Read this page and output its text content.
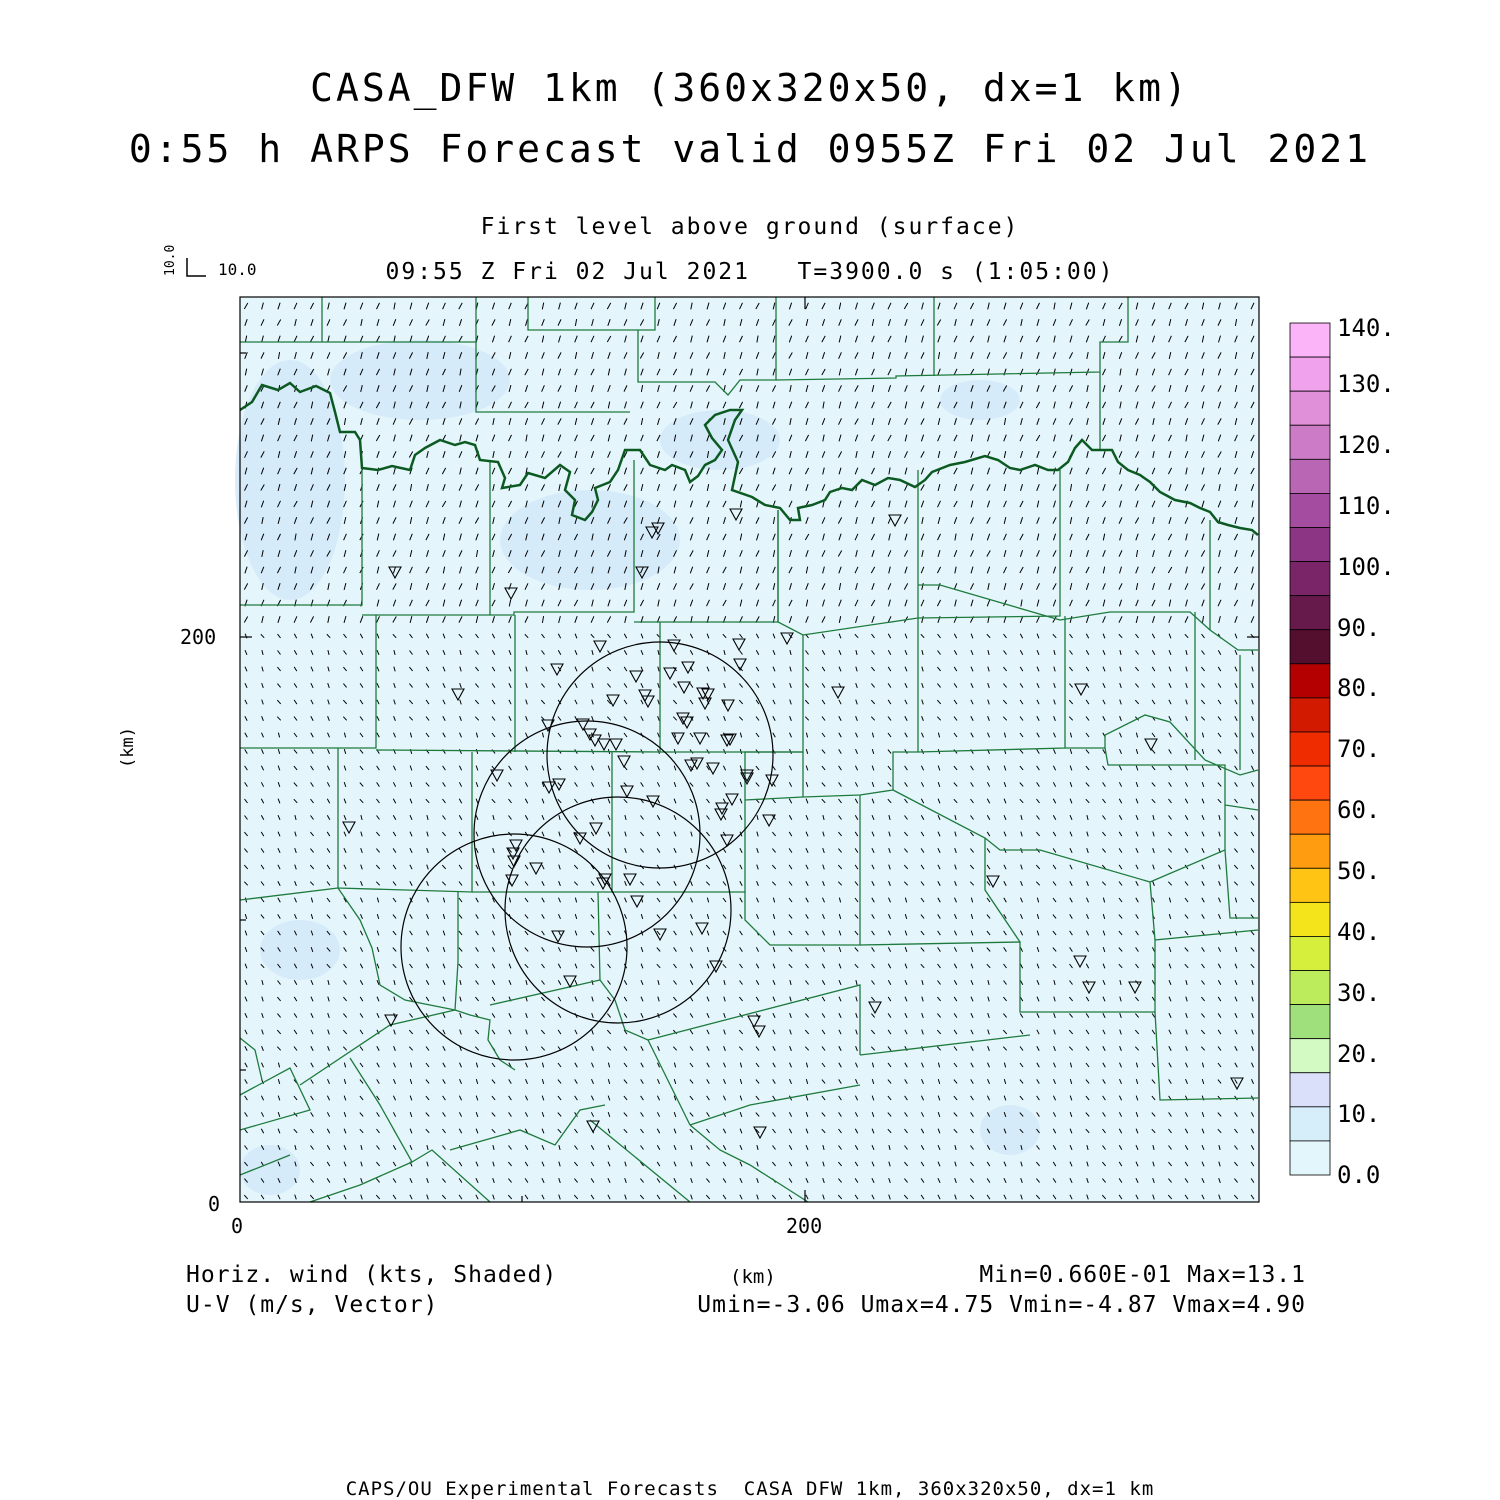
CASA_DFW 1km (360x320x50, dx=1 km)
0:55 h ARPS Forecast valid 0955Z Fri 02 Jul 2021
First level above ground (surface)
09:55 Z Fri 02 Jul 2021   T=3900.0 s (1:05:00)
10.0	10.0
200
0
0	200
(km)
(km)
140.
130.
120.
110.
100.
90.
80.
70.
60.
50.
40.
30.
20.
10.
0.0
Horiz. wind (kts, Shaded)
U-V (m/s, Vector)
Min=0.660E-01 Max=13.1
Umin=-3.06 Umax=4.75 Vmin=-4.87 Vmax=4.90
CAPS/OU Experimental Forecasts  CASA DFW 1km, 360x320x50, dx=1 km
